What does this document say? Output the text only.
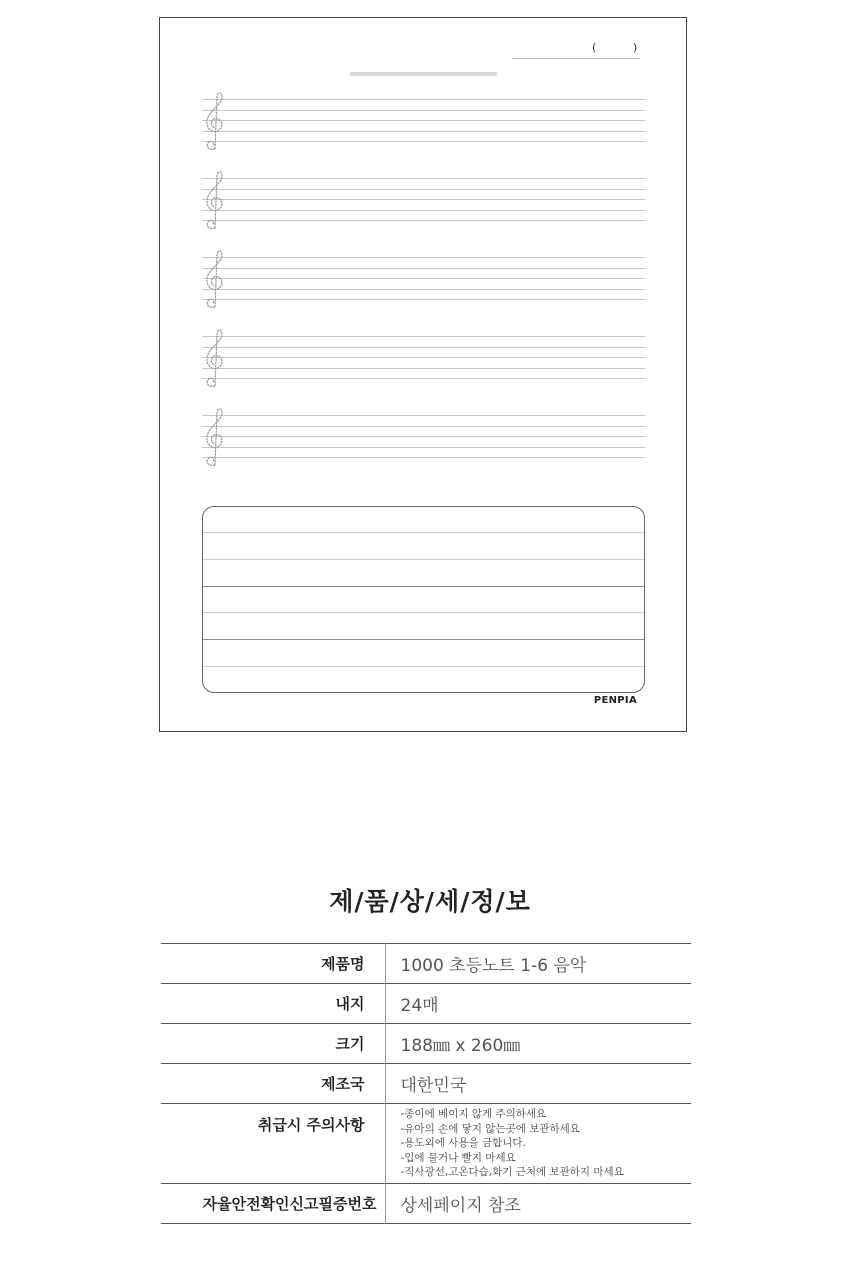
(	)
PENPIA
제/품/상/세/정/보
제품명	1000 초등노트 1-6 음악
내지	24매
크기	188㎜ x 260㎜
제조국	대한민국
취급시 주의사항	-종이에 베이지 않게 주의하세요
-유아의 손에 닿지 않는곳에 보관하세요
-용도외에 사용을 금합니다.
-입에 물거나 빨지 마세요
-직사광선,고온다습,화기 근처에 보관하지 마세요

자율안전확인신고필증번호	상세페이지 참조
